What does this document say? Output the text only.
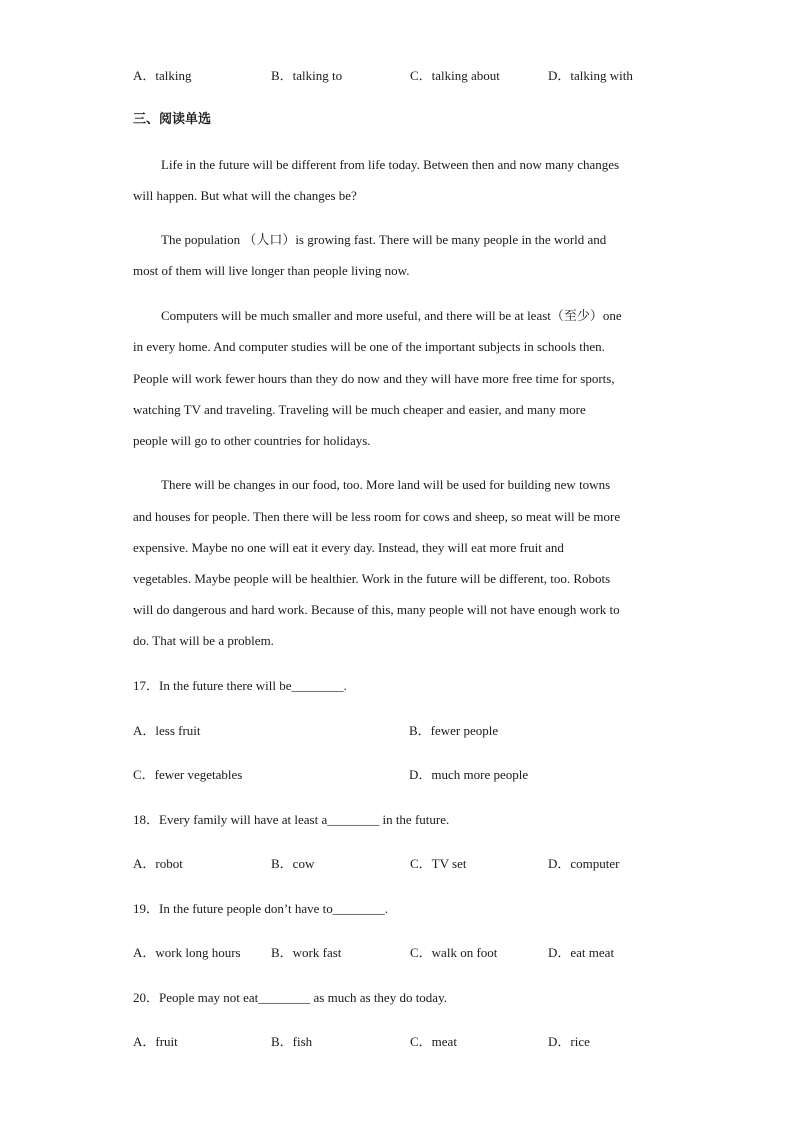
A．talking	B．talking to	C．talking about	D．talking with
三、阅读单选
Life in the future will be different from life today. Between then and now many changes
will happen. But what will the changes be?
The population （人口）is growing fast. There will be many people in the world and
most of them will live longer than people living now.
Computers will be much smaller and more useful, and there will be at least（至少）one
in every home. And computer studies will be one of the important subjects in schools then.
People will work fewer hours than they do now and they will have more free time for sports,
watching TV and traveling. Traveling will be much cheaper and easier, and many more
people will go to other countries for holidays.
There will be changes in our food, too. More land will be used for building new towns
and houses for people. Then there will be less room for cows and sheep, so meat will be more
expensive. Maybe no one will eat it every day. Instead, they will eat more fruit and
vegetables. Maybe people will be healthier. Work in the future will be different, too. Robots
will do dangerous and hard work. Because of this, many people will not have enough work to
do. That will be a problem.
17．In the future there will be________.
A．less fruit	B．fewer people
C．fewer vegetables	D．much more people
18．Every family will have at least a________ in the future.
A．robot	B．cow	C．TV set	D．computer
19．In the future people don’t have to________.
A．work long hours B．work fast	C．walk on foot	D．eat meat
20．People may not eat________ as much as they do today.
A．fruit	B．fish	C．meat	D．rice
